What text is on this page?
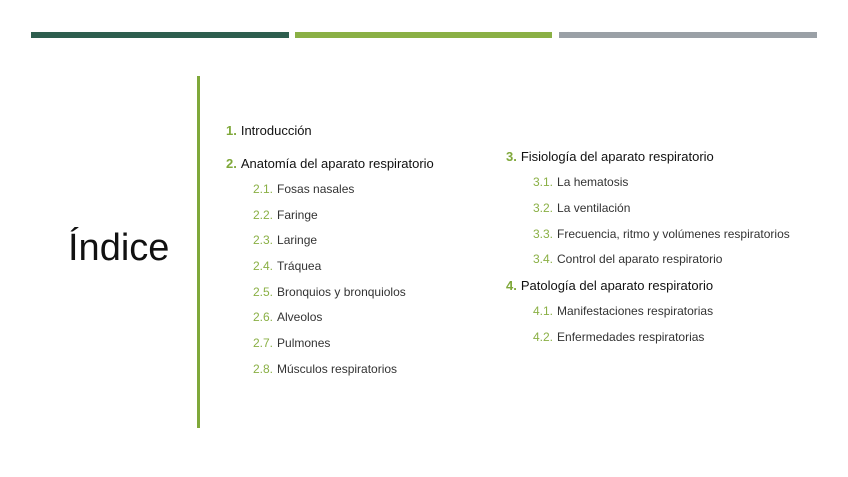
Índice
1. Introducción
2. Anatomía del aparato respiratorio
2.1. Fosas nasales
2.2. Faringe
2.3. Laringe
2.4. Tráquea
2.5. Bronquios y bronquiolos
2.6. Alveolos
2.7. Pulmones
2.8. Músculos respiratorios
3. Fisiología del aparato respiratorio
3.1. La hematosis
3.2. La ventilación
3.3. Frecuencia, ritmo y volúmenes respiratorios
3.4. Control del aparato respiratorio
4. Patología del aparato respiratorio
4.1. Manifestaciones respiratorias
4.2. Enfermedades respiratorias
